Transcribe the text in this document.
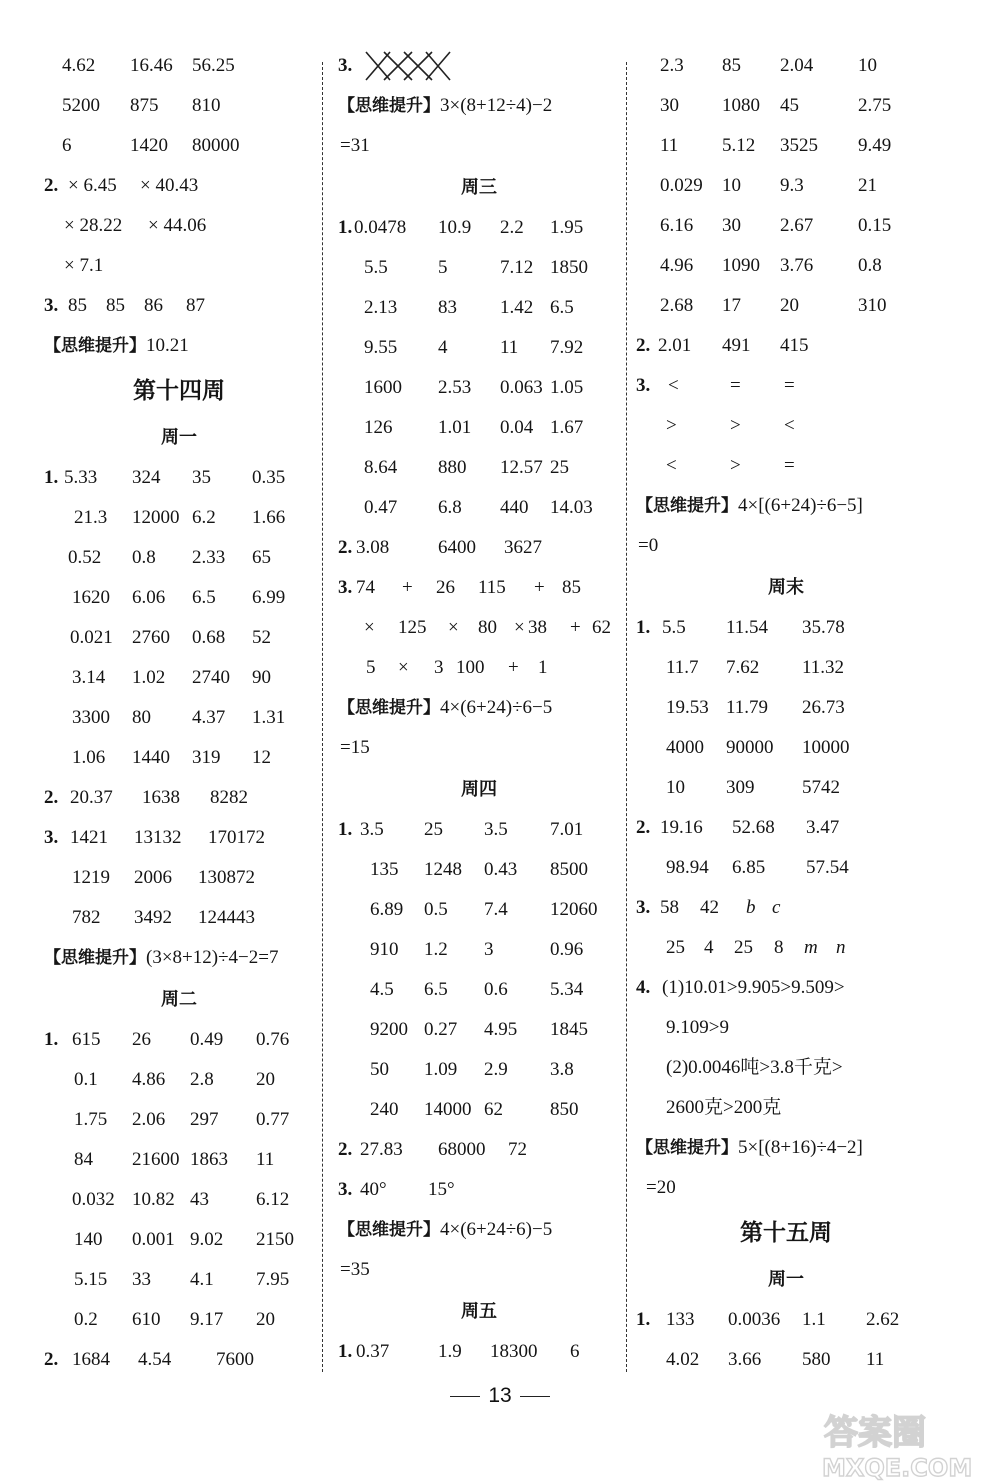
4.62 16.46 56.25
5200 875 810
6	1420 80000
2. × 6.45 × 40.43
× 28.22 × 44.06
× 7.1
3. 85 85 86 87
【思维提升】10.21
第十四周
周一
1. 5.33 324 35 0.35
21.3 12000 6.2 1.66
0.52 0.8 2.33 65
1620 6.06 6.5 6.99
0.021 2760 0.68 52
3.14 1.02 2740 90
3300 80 4.37 1.31
1.06 1440 319 12
2. 20.37 1638 8282
3. 1421 13132 170172
1219 2006 130872
782 3492 124443
【思维提升】(3×8+12)÷4−2=7
周二
1. 615 26 0.49 0.76
0.1 4.86 2.8 20
1.75 2.06 297 0.77
84 21600 1863 11
0.032 10.82 43 6.12
140 0.001 9.02 2150
5.15 33 4.1 7.95
0.2 610 9.17 20
2. 1684 4.54 7600
3.
【思维提升】3×(8+12÷4)−2
=31
周三
1. 0.0478 10.9 2.2 1.95
5.5	5	7.12 1850
2.13 83 1.42 6.5
9.55 4	11 7.92
1600 2.53 0.063 1.05
126 1.01 0.04 1.67
8.64 880 12.57 25
0.47 6.8 440 14.03
2. 3.08	6400 3627
3. 74 + 26 115 + 85
× 125 × 80 × 38 + 62
5 × 3 100 + 1
【思维提升】4×(6+24)÷6−5
=15
周四
1. 3.5 25 3.5 7.01
135 1248 0.43 8500
6.89 0.5 7.4 12060
910 1.2 3	0.96
4.5 6.5 0.6 5.34
9200 0.27 4.95 1845
50 1.09 2.9 3.8
240 14000 62 850
2. 27.83 68000 72
3. 40° 15°
【思维提升】4×(6+24÷6)−5
=35
周五
1. 0.37	1.9 18300 6
2.3 85 2.04 10
30 1080 45	2.75
11 5.12 3525 9.49
0.029 10 9.3	21
6.16 30 2.67 0.15
4.96 1090 3.76 0.8
2.68 17 20	310
2. 2.01 491 415
3. <	= =
>	> <
<	> =
【思维提升】4×[(6+24)÷6−5]
=0
周末
1. 5.5 11.54 35.78
11.7 7.62 11.32
19.53 11.79 26.73
4000 90000 10000
10 309	5742
2. 19.16 52.68 3.47
98.94 6.85 57.54
3. 58 42 b c
25 4 25 8 m n
4. (1)10.01>9.905>9.509>
9.109>9
(2)0.0046吨>3.8千克>
2600克>200克
【思维提升】5×[(8+16)÷4−2]
=20
第十五周
周一
1. 133 0.0036 1.1 2.62
4.02 3.66 580 11
13
答案圈
MXQE.COM
